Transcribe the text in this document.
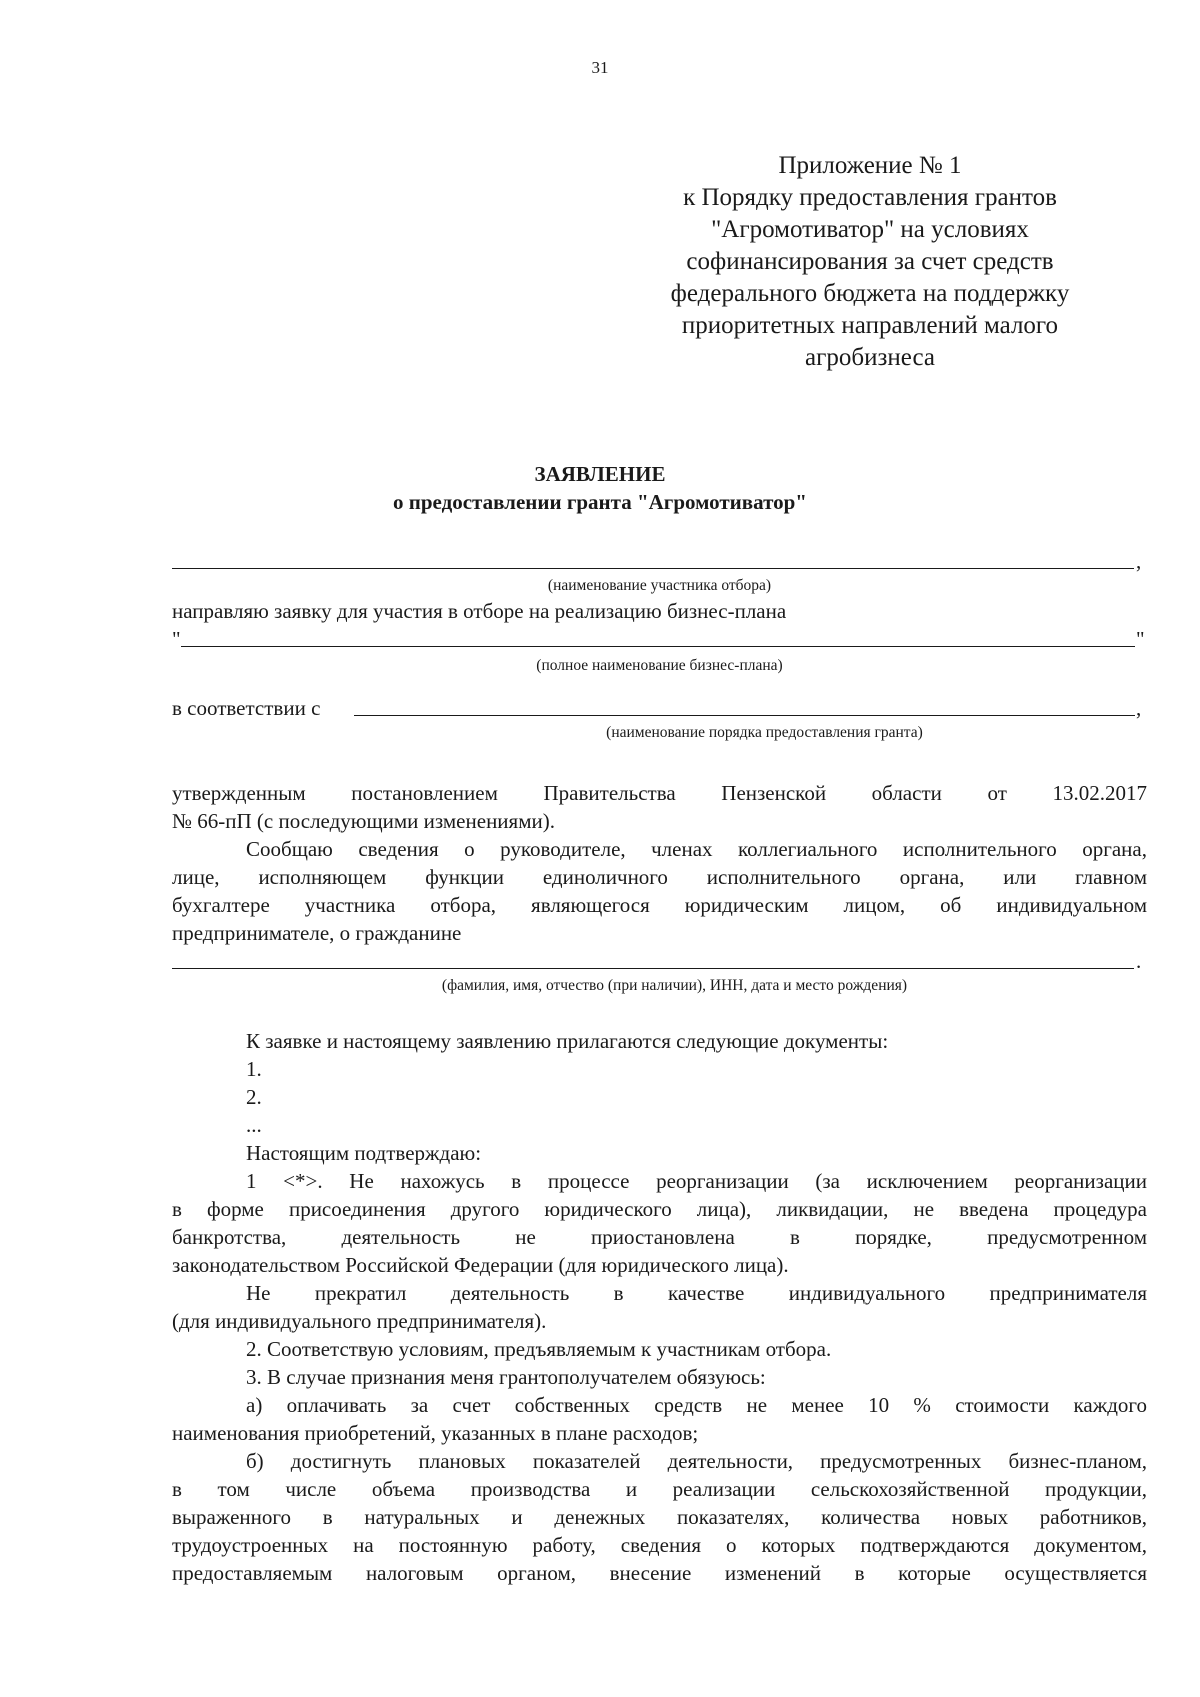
31
Приложение № 1
к Порядку предоставления грантов
"Агромотиватор" на условиях
софинансирования за счет средств
федерального бюджета на поддержку
приоритетных направлений малого
агробизнеса
ЗАЯВЛЕНИЕ
о предоставлении гранта "Агромотиватор"
,
(наименование участника отбора)
направляю заявку для участия в отборе на реализацию бизнес-плана
"	"
(полное наименование бизнес-плана)
в соответствии с	,
(наименование порядка предоставления гранта)
утвержденным постановлением Правительства Пензенской области от 13.02.2017
№ 66-пП (с последующими изменениями).
Сообщаю сведения о руководителе, членах коллегиального исполнительного органа,
лице, исполняющем функции единоличного исполнительного органа, или главном
бухгалтере участника отбора, являющегося юридическим лицом, об индивидуальном
предпринимателе, о гражданине
.
(фамилия, имя, отчество (при наличии), ИНН, дата и место рождения)
К заявке и настоящему заявлению прилагаются следующие документы:
1.
2.
...
Настоящим подтверждаю:
1 <*>. Не нахожусь в процессе реорганизации (за исключением реорганизации
в форме присоединения другого юридического лица), ликвидации, не введена процедура
банкротства, деятельность не приостановлена в порядке, предусмотренном
законодательством Российской Федерации (для юридического лица).
Не прекратил деятельность в качестве индивидуального предпринимателя
(для индивидуального предпринимателя).
2. Соответствую условиям, предъявляемым к участникам отбора.
3. В случае признания меня грантополучателем обязуюсь:
а) оплачивать за счет собственных средств не менее 10 % стоимости каждого
наименования приобретений, указанных в плане расходов;
б) достигнуть плановых показателей деятельности, предусмотренных бизнес-планом,
в том числе объема производства и реализации сельскохозяйственной продукции,
выраженного в натуральных и денежных показателях, количества новых работников,
трудоустроенных на постоянную работу, сведения о которых подтверждаются документом,
предоставляемым налоговым органом, внесение изменений в которые осуществляется
